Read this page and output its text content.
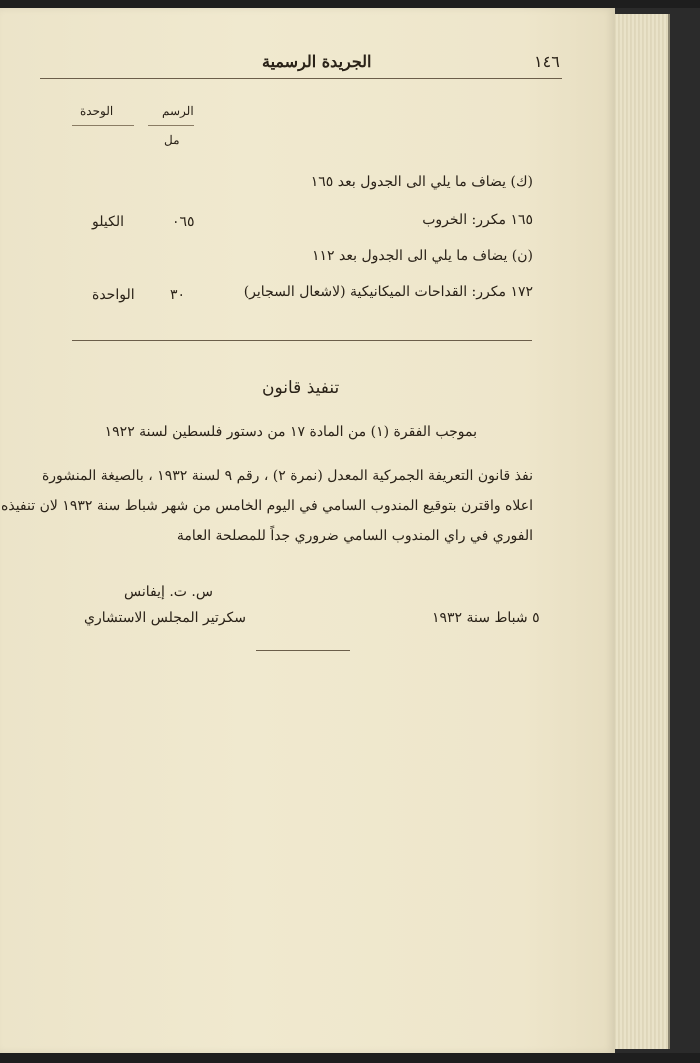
الجريدة الرسمية	١٤٦
الرسم
الوحدة
مل
(ك) يضاف ما يلي الى الجدول بعد ١٦٥
١٦٥ مكرر: الخروب
٠٦٥
الكيلو
(ن) يضاف ما يلي الى الجدول بعد ١١٢
١٧٢ مكرر: القداحات الميكانيكية (لاشعال السجاير)
٣٠
الواحدة
تنفيذ قانون
بموجب الفقرة (١) من المادة ١٧ من دستور فلسطين لسنة ١٩٢٢
نفذ قانون التعريفة الجمركية المعدل (نمرة ٢) ، رقم ٩ لسنة ١٩٣٢ ، بالصيغة المنشورة
اعلاه واقترن بتوقيع المندوب السامي في اليوم الخامس من شهر شباط سنة ١٩٣٢ لان تنفيذه
الفوري في راي المندوب السامي ضروري جداً للمصلحة العامة
س. ت. إيفانس
سكرتير المجلس الاستشاري	٥ شباط سنة ١٩٣٢
